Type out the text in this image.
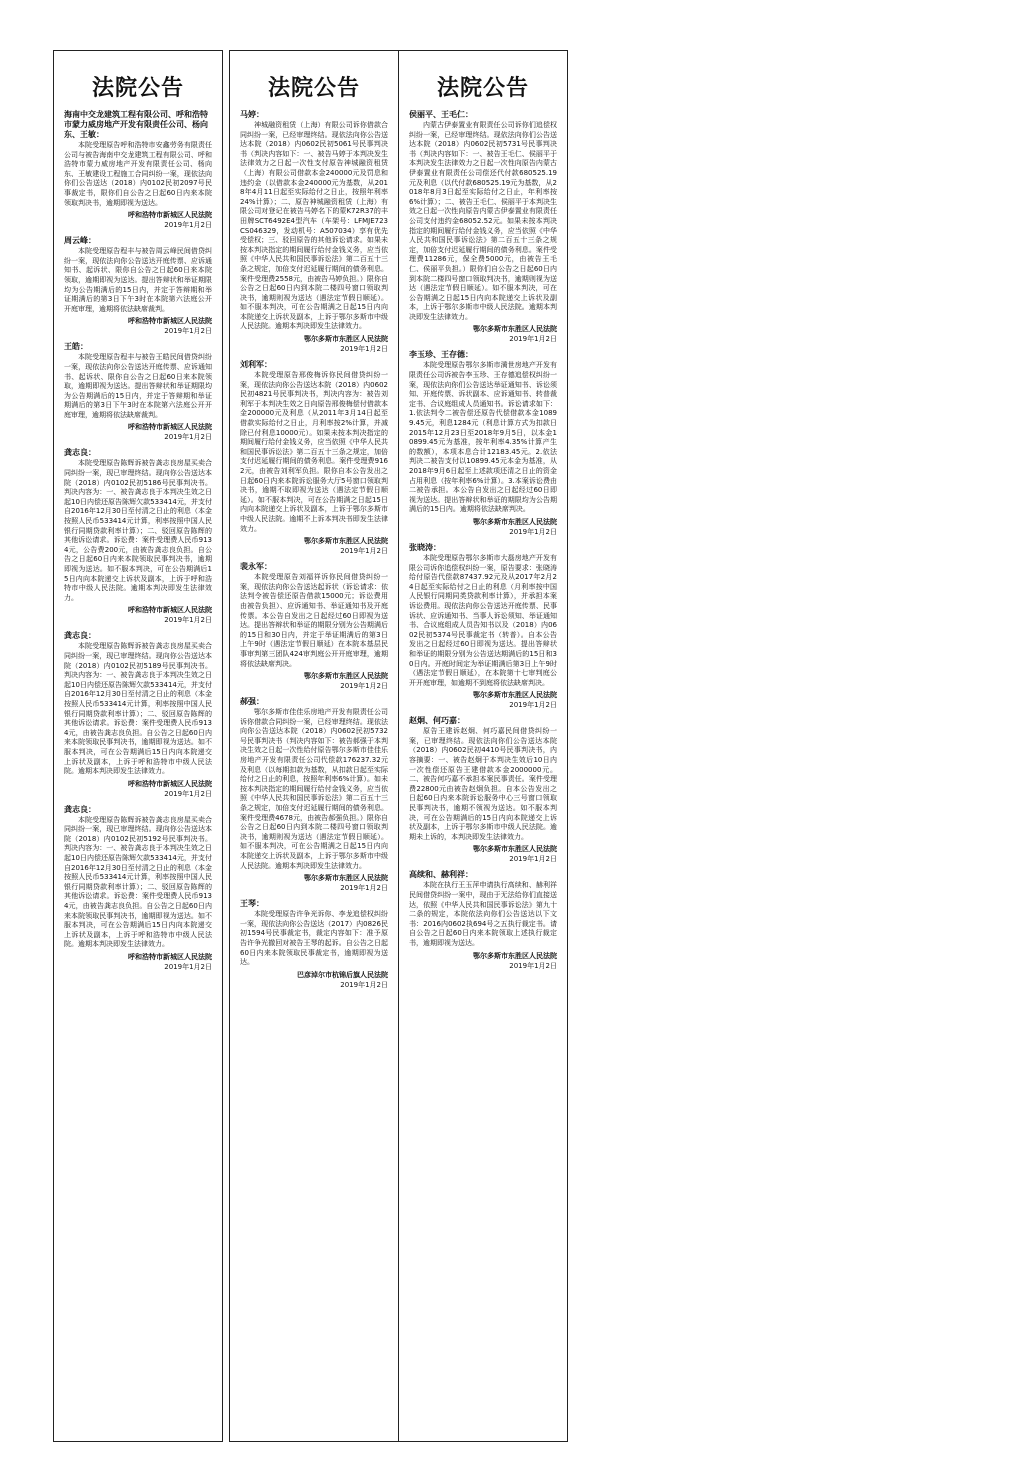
法院公告

海南中交龙建筑工程有限公司、呼和浩特市蒙力威房地产开发有限责任公司、杨向东、王敏：

本院受理原告呼和浩特市安鑫劳务有限责任公司与被告海南中交龙建筑工程有限公司、呼和浩特市蒙力威房地产开发有限责任公司、杨向东、王敏建设工程施工合同纠纷一案，现依法向你们公告送达（2018）内0102民初2097号民事裁定书，限你们自公告之日起60日内来本院领取判决书，逾期即视为送达。

呼和浩特市新城区人民法院

2019年1月2日

周云峰：

本院受理原告程丰与被告周云峰民间借贷纠纷一案，现依法向你公告送达开庭传票、应诉通知书、起诉状、限你自公告之日起60日来本院领取，逾期即视为送达。提出答辩状和举证期限均为公告期满后的15日内，并定于答辩期和举证期满后的第3日下午3时在本院第六法庭公开开庭审理，逾期将依法缺席裁判。

呼和浩特市新城区人民法院

2019年1月2日

王皓：

本院受理原告程丰与被告王皓民间借贷纠纷一案，现依法向你公告送达开庭传票、应诉通知书、起诉状、限你自公告之日起60日来本院领取，逾期即视为送达。提出答辩状和举证期限均为公告期满后的15日内，并定于答辩期和举证期满后的第3日下午3时在本院第六法庭公开开庭审理，逾期将依法缺席裁判。

呼和浩特市新城区人民法院

2019年1月2日

龚志良：

本院受理原告陈辉诉被告龚志良房屋买卖合同纠纷一案，现已审理终结。现向你公告送达本院（2018）内0102民初5186号民事判决书。判决内容为：一、被告龚志良于本判决生效之日起10日内偿还原告陈辉欠款533414元，并支付自2016年12月30日至付清之日止的利息（本金按照人民币533414元计算，利率按照中国人民银行同期贷款利率计算）；二、驳回原告陈辉的其他诉讼请求。诉讼费：案件受理费人民币9134元，公告费200元，由被告龚志良负担。自公告之日起60日内来本院领取民事判决书，逾期即视为送达。如不服本判决，可在公告期满后15日内向本院递交上诉状及副本，上诉于呼和浩特市中级人民法院。逾期本判决即发生法律效力。

呼和浩特市新城区人民法院

2019年1月2日

龚志良：

本院受理原告陈辉诉被告龚志良房屋买卖合同纠纷一案，现已审理终结。现向你公告送达本院（2018）内0102民初5189号民事判决书。判决内容为：一、被告龚志良于本判决生效之日起10日内偿还原告陈辉欠款533414元，并支付自2016年12月30日至付清之日止的利息（本金按照人民币533414元计算，利率按照中国人民银行同期贷款利率计算）；二、驳回原告陈辉的其他诉讼请求。诉讼费：案件受理费人民币9134元，由被告龚志良负担。自公告之日起60日内来本院领取民事判决书，逾期即视为送达。如不服本判决，可在公告期满后15日内向本院递交上诉状及副本，上诉于呼和浩特市中级人民法院。逾期本判决即发生法律效力。

呼和浩特市新城区人民法院

2019年1月2日

龚志良：

本院受理原告陈辉诉被告龚志良房屋买卖合同纠纷一案，现已审理终结。现向你公告送达本院（2018）内0102民初5192号民事判决书。判决内容为：一、被告龚志良于本判决生效之日起10日内偿还原告陈辉欠款533414元，并支付自2016年12月30日至付清之日止的利息（本金按照人民币533414元计算，利率按照中国人民银行同期贷款利率计算）；二、驳回原告陈辉的其他诉讼请求。诉讼费：案件受理费人民币9134元，由被告龚志良负担。自公告之日起60日内来本院领取民事判决书，逾期即视为送达。如不服本判决，可在公告期满后15日内向本院递交上诉状及副本，上诉于呼和浩特市中级人民法院。逾期本判决即发生法律效力。

呼和浩特市新城区人民法院

2019年1月2日

法院公告

马婷：

神城融资租赁（上海）有限公司诉你借款合同纠纷一案，已经审理终结。现依法向你公告送达本院（2018）内0602民初5061号民事判决书（判决内容如下：一、被告马婷于本判决发生法律效力之日起一次性支付原告神城融资租赁（上海）有限公司借款本金240000元及罚息和违约金（以借款本金240000元为基数，从2018年4月11日起至实际给付之日止，按照年利率24%计算）；二、原告神城融资租赁（上海）有限公司对登记在被告马婷名下的蒙K72R37的丰田牌SCT6492E4型汽车（车架号：LFMJE723CS046329，发动机号：A507034）享有优先受偿权；三、驳回原告的其他诉讼请求。如果未按本判决指定的期间履行给付金钱义务，应当依照《中华人民共和国民事诉讼法》第二百五十三条之规定，加倍支付迟延履行期间的债务利息。案件受理费2558元，由被告马婷负担。）限你自公告之日起60日内到本院二楼四号窗口领取判决书，逾期则视为送达（遇法定节假日顺延）。如不服本判决，可在公告期满之日起15日内向本院递交上诉状及副本，上诉于鄂尔多斯市中级人民法院。逾期本判决即发生法律效力。

鄂尔多斯市东胜区人民法院

2019年1月2日

刘利军：

本院受理原告邢俊梅诉你民间借贷纠纷一案，现依法向你公告送达本院（2018）内0602民初4821号民事判决书，判决内容为：被告刘利军于本判决生效之日向原告邢俊梅偿付借款本金200000元及利息（从2011年3月14日起至借款实际给付之日止，月利率按2%计算，并减除已付利息10000元）。如果未按本判决指定的期间履行给付金钱义务，应当依照《中华人民共和国民事诉讼法》第二百五十三条之规定，加倍支付迟延履行期间的债务利息。案件受理费9162元，由被告刘利军负担。限你自本公告发出之日起60日内来本院诉讼服务大厅5号窗口领取判决书，逾期不取即视为送达（遇法定节假日顺延）。如不服本判决，可在公告期满之日起15日内向本院递交上诉状及副本，上诉于鄂尔多斯市中级人民法院。逾期不上诉本判决书即发生法律效力。

鄂尔多斯市东胜区人民法院

2019年1月2日

裴永军：

本院受理原告刘福祥诉你民间借贷纠纷一案，现依法向你公告送达起诉状（诉讼请求：依法判令被告偿还原告借款15000元；诉讼费用由被告负担）、应诉通知书、举证通知书及开庭传票。本公告自发出之日起经过60日即视为送达。提出答辩状和举证的期限分别为公告期满后的15日和30日内，并定于举证期满后的第3日上午9时（遇法定节假日顺延）在本院本基层民事审判第三团队424审判庭公开开庭审理，逾期将依法缺席判决。

鄂尔多斯市东胜区人民法院

2019年1月2日

郝强：

鄂尔多斯市佳佳乐房地产开发有限责任公司诉你借款合同纠纷一案，已经审理终结。现依法向你公告送达本院（2018）内0602民初5732号民事判决书（判决内容如下：被告郝强于本判决生效之日起一次性给付原告鄂尔多斯市佳佳乐房地产开发有限责任公司代偿款176237.32元及利息（以每期扣款为基数，从扣款日起至实际给付之日止的利息，按照年利率6%计算）。如未按本判决指定的期间履行给付金钱义务，应当依照《中华人民共和国民事诉讼法》第二百五十三条之规定，加倍支付迟延履行期间的债务利息。案件受理费4678元，由被告郝强负担。）限你自公告之日起60日内到本院二楼四号窗口领取判决书，逾期则视为送达（遇法定节假日顺延）。如不服本判决，可在公告期满之日起15日内向本院递交上诉状及副本，上诉于鄂尔多斯市中级人民法院。逾期本判决即发生法律效力。

鄂尔多斯市东胜区人民法院

2019年1月2日

王琴：

本院受理原告许争光诉你、李龙追偿权纠纷一案，现依法向你公告送达（2017）内0826民初1594号民事裁定书，裁定内容如下：准予原告许争光撤回对被告王琴的起诉。自公告之日起60日内来本院领取民事裁定书，逾期即视为送达。

巴彦淖尔市杭锦后旗人民法院

2019年1月2日

法院公告

侯丽平、王毛仁：

内蒙古伊泰置业有限责任公司诉你们追偿权纠纷一案，已经审理终结。现依法向你们公告送达本院（2018）内0602民初5731号民事判决书（判决内容如下：一、被告王毛仁、侯丽平于本判决发生法律效力之日起一次性向原告内蒙古伊泰置业有限责任公司偿还代付款680525.19元及利息（以代付款680525.19元为基数，从2018年8月3日起至实际给付之日止，年利率按6%计算）；二、被告王毛仁、侯丽平于本判决生效之日起一次性向原告内蒙古伊泰置业有限责任公司支付违约金68052.52元。如果未按本判决指定的期间履行给付金钱义务，应当依照《中华人民共和国民事诉讼法》第二百五十三条之规定，加倍支付迟延履行期间的债务利息。案件受理费11286元，保全费5000元，由被告王毛仁、侯丽平负担。）限你们自公告之日起60日内到本院二楼四号窗口领取判决书，逾期则视为送达（遇法定节假日顺延）。如不服本判决，可在公告期满之日起15日内向本院递交上诉状及副本，上诉于鄂尔多斯市中级人民法院。逾期本判决即发生法律效力。

鄂尔多斯市东胜区人民法院

2019年1月2日

李玉珍、王存德：

本院受理原告鄂尔多斯市満世房地产开发有限责任公司诉被告李玉珍、王存德追偿权纠纷一案，现依法向你们公告送达举证通知书、诉讼须知、开庭传票、诉状副本、应诉通知书、转普裁定书、合议庭组成人员通知书。诉讼请求如下：1.依法判令二被告偿还原告代偿借款本金10899.45元，利息1284元（利息计算方式为扣款日2015年12月23日至2018年9月5日，以本金10899.45元为基准，按年利率4.35%计算产生的数额），本项本息合计12183.45元。2.依法判决二被告支付以10899.45元本金为基准，从2018年9月6日起至上述款项还清之日止的资金占用利息（按年利率6%计算）。3.本案诉讼费由二被告承担。本公告自发出之日起经过60日即视为送达。提出答辩状和举证的期限均为公告期满后的15日内。逾期将依法缺席判决。

鄂尔多斯市东胜区人民法院

2019年1月2日

张晓涛：

本院受理原告鄂尔多斯市大磊房地产开发有限公司诉你追偿权纠纷一案，原告要求：张晓涛给付原告代偿款87437.92元及从2017年2月24日起至实际给付之日止的利息（月利率按中国人民银行同期同类贷款利率计算），并承担本案诉讼费用。现依法向你公告送达开庭传票、民事诉状、应诉通知书、当事人诉讼须知、举证通知书、合议庭组成人员告知书以及（2018）内0602民初5374号民事裁定书（转普）。自本公告发出之日起经过60日即视为送达。提出答辩状和举证的期限分别为公告送达期满后的15日和30日内。开庭时间定为举证期满后第3日上午9时（遇法定节假日顺延），在本院第十七审判庭公开开庭审理，如逾期不到庭将依法缺席判决。

鄂尔多斯市东胜区人民法院

2019年1月2日

赵炯、何巧嘉：

原告王建诉赵炯、何巧嘉民间借贷纠纷一案，已审理终结。现依法向你们公告送达本院（2018）内0602民初4410号民事判决书，内容摘要：一、被告赵炯于本判决生效后10日内一次性偿还原告王建借款本金2000000元。二、被告何巧嘉不承担本案民事责任。案件受理费22800元由被告赵炯负担。自本公告发出之日起60日内来本院诉讼服务中心三号窗口领取民事判决书，逾期不领视为送达。如不服本判决，可在公告期满后的15日内向本院递交上诉状及副本，上诉于鄂尔多斯市中级人民法院。逾期未上诉的，本判决即发生法律效力。

鄂尔多斯市东胜区人民法院

2019年1月2日

高续和、赫利祥：

本院在执行王玉萍申请执行高续和、赫利祥民间借贷纠纷一案中，现由于无法给你们直接送达，依照《中华人民共和国民事诉讼法》第九十二条的规定，本院依法向你们公告送达以下文书：2016内0602执694号之五执行裁定书。请自公告之日起60日内来本院领取上述执行裁定书，逾期即视为送达。

鄂尔多斯市东胜区人民法院

2019年1月2日
